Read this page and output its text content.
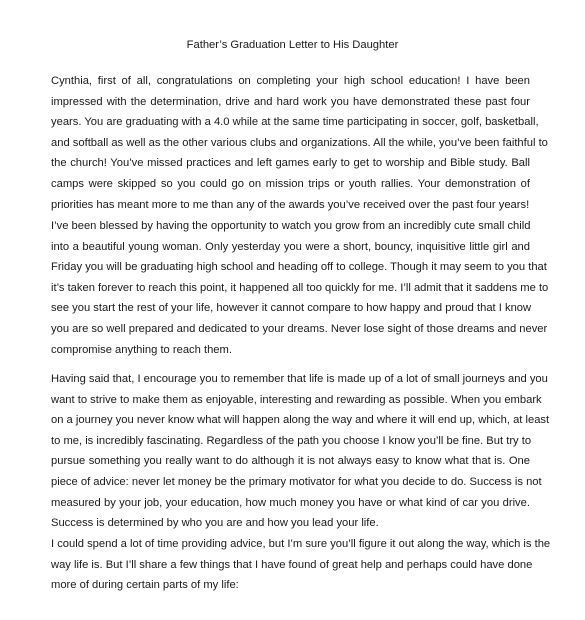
Father’s Graduation Letter to His Daughter
Cynthia, first of all, congratulations on completing your high school education! I have been
impressed with the determination, drive and hard work you have demonstrated these past four
years. You are graduating with a 4.0 while at the same time participating in soccer, golf, basketball,
and softball as well as the other various clubs and organizations. All the while, you’ve been faithful to
the church! You’ve missed practices and left games early to get to worship and Bible study. Ball
camps were skipped so you could go on mission trips or youth rallies. Your demonstration of
priorities has meant more to me than any of the awards you’ve received over the past four years!
I’ve been blessed by having the opportunity to watch you grow from an incredibly cute small child
into a beautiful young woman. Only yesterday you were a short, bouncy, inquisitive little girl and
Friday you will be graduating high school and heading off to college. Though it may seem to you that
it’s taken forever to reach this point, it happened all too quickly for me. I’ll admit that it saddens me to
see you start the rest of your life, however it cannot compare to how happy and proud that I know
you are so well prepared and dedicated to your dreams. Never lose sight of those dreams and never
compromise anything to reach them.
Having said that, I encourage you to remember that life is made up of a lot of small journeys and you
want to strive to make them as enjoyable, interesting and rewarding as possible. When you embark
on a journey you never know what will happen along the way and where it will end up, which, at least
to me, is incredibly fascinating. Regardless of the path you choose I know you’ll be fine. But try to
pursue something you really want to do although it is not always easy to know what that is. One
piece of advice: never let money be the primary motivator for what you decide to do. Success is not
measured by your job, your education, how much money you have or what kind of car you drive.
Success is determined by who you are and how you lead your life.
I could spend a lot of time providing advice, but I’m sure you’ll figure it out along the way, which is the
way life is. But I’ll share a few things that I have found of great help and perhaps could have done
more of during certain parts of my life:
